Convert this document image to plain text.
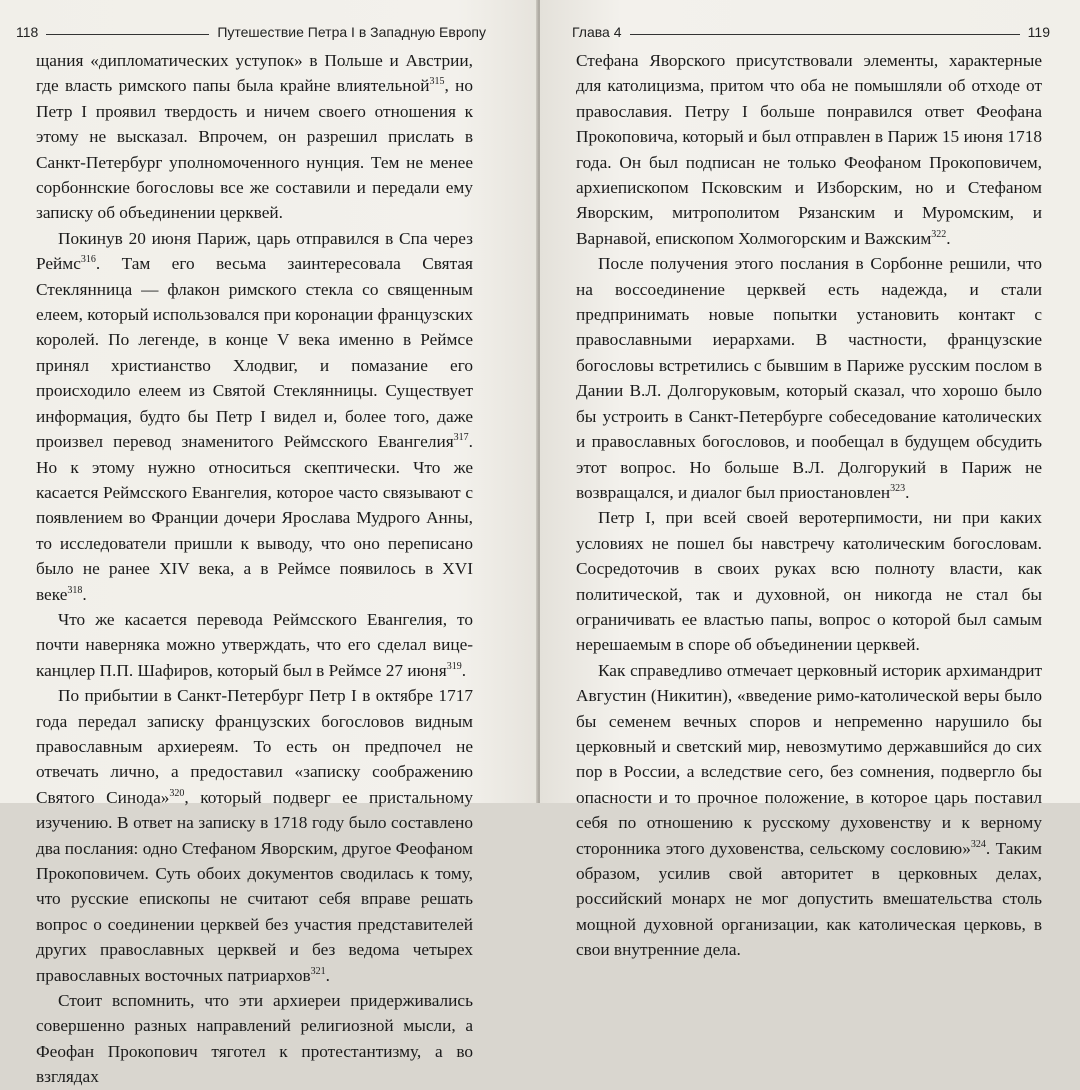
118	Путешествие Петра I в Западную Европу

щания «дипломатических уступок» в Польше и Австрии, где власть римского папы была крайне влиятельной$^{315}$, но Петр I проявил твердость и ничем своего отношения к этому не высказал. Впрочем, он разрешил прислать в Санкт-Петербург уполномоченного нунция. Тем не менее сорбоннские богословы все же составили и передали ему записку об объединении церквей.

Покинув 20 июня Париж, царь отправился в Спа через Реймс$^{316}$. Там его весьма заинтересовала Святая Стеклянница — флакон римского стекла со священным елеем, который использовался при коронации французских королей. По легенде, в конце V века именно в Реймсе принял христианство Хлодвиг, и помазание его происходило елеем из Святой Стеклянницы. Существует информация, будто бы Петр I видел и, более того, даже произвел перевод знаменитого Реймсского Евангелия$^{317}$. Но к этому нужно относиться скептически. Что же касается Реймсского Евангелия, которое часто связывают с появлением во Франции дочери Ярослава Мудрого Анны, то исследователи пришли к выводу, что оно переписано было не ранее XIV века, а в Реймсе появилось в XVI веке$^{318}$.

Что же касается перевода Реймсского Евангелия, то почти наверняка можно утверждать, что его сделал вице-канцлер П.П. Шафиров, который был в Реймсе 27 июня$^{319}$.

По прибытии в Санкт-Петербург Петр I в октябре 1717 года передал записку французских богословов видным православным архиереям. То есть он предпочел не отвечать лично, а предоставил «записку соображению Святого Синода»$^{320}$, который подверг ее пристальному изучению. В ответ на записку в 1718 году было составлено два послания: одно Стефаном Яворским, другое Феофаном Прокоповичем. Суть обоих документов сводилась к тому, что русские епископы не считают себя вправе решать вопрос о соединении церквей без участия представителей других православных церквей и без ведома четырех православных восточных патриархов$^{321}$.

Стоит вспомнить, что эти архиереи придерживались совершенно разных направлений религиозной мысли, а Феофан Прокопович тяготел к протестантизму, а во взглядах

Глава 4	119

Стефана Яворского присутствовали элементы, характерные для католицизма, притом что оба не помышляли об отходе от православия. Петру I больше понравился ответ Феофана Прокоповича, который и был отправлен в Париж 15 июня 1718 года. Он был подписан не только Феофаном Прокоповичем, архиепископом Псковским и Изборским, но и Стефаном Яворским, митрополитом Рязанским и Муромским, и Варнавой, епископом Холмогорским и Важским$^{322}$.

После получения этого послания в Сорбонне решили, что на воссоединение церквей есть надежда, и стали предпринимать новые попытки установить контакт с православными иерархами. В частности, французские богословы встретились с бывшим в Париже русским послом в Дании В.Л. Долгоруковым, который сказал, что хорошо было бы устроить в Санкт-Петербурге собеседование католических и православных богословов, и пообещал в будущем обсудить этот вопрос. Но больше В.Л. Долгорукий в Париж не возвращался, и диалог был приостановлен$^{323}$.

Петр I, при всей своей веротерпимости, ни при каких условиях не пошел бы навстречу католическим богословам. Сосредоточив в своих руках всю полноту власти, как политической, так и духовной, он никогда не стал бы ограничивать ее властью папы, вопрос о которой был самым нерешаемым в споре об объединении церквей.

Как справедливо отмечает церковный историк архимандрит Августин (Никитин), «введение римо-католической веры было бы семенем вечных споров и непременно нарушило бы церковный и светский мир, невозмутимо державшийся до сих пор в России, а вследствие сего, без сомнения, подвергло бы опасности и то прочное положение, в которое царь поставил себя по отношению к русскому духовенству и к верному сторонника этого духовенства, сельскому сословию»$^{324}$. Таким образом, усилив свой авторитет в церковных делах, российский монарх не мог допустить вмешательства столь мощной духовной организации, как католическая церковь, в свои внутренние дела.
